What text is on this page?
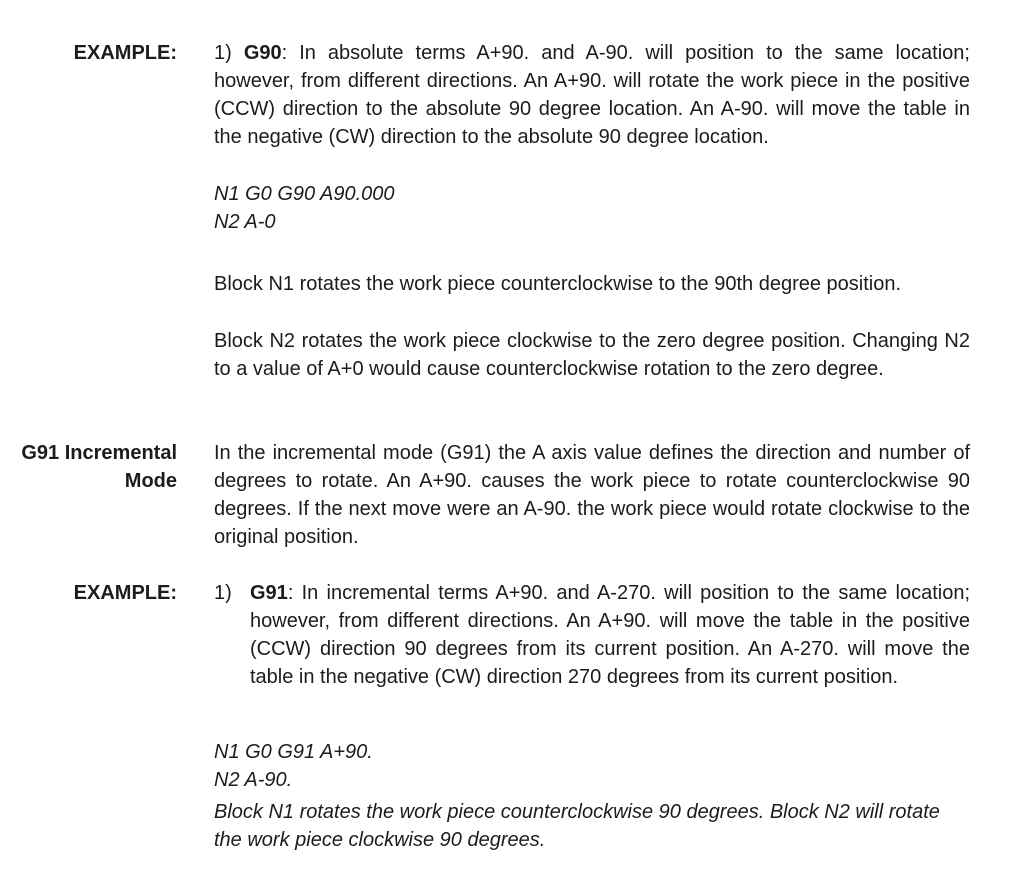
EXAMPLE: 1) G90: In absolute terms A+90. and A-90. will position to the same location; however, from different directions. An A+90. will rotate the work piece in the positive (CCW) direction to the absolute 90 degree location. An A-90. will move the table in the negative (CW) direction to the absolute 90 degree location.
N1 G0 G90 A90.000
N2 A-0
Block N1 rotates the work piece counterclockwise to the 90th degree position.
Block N2 rotates the work piece clockwise to the zero degree position. Changing N2 to a value of A+0 would cause counterclockwise rotation to the zero degree.
G91 Incremental
Mode
In the incremental mode (G91) the A axis value defines the direction and number of degrees to rotate. An A+90. causes the work piece to rotate counterclockwise 90 degrees. If the next move were an A-90. the work piece would rotate clockwise to the original position.
EXAMPLE: 1) G91: In incremental terms A+90. and A-270. will position to the same location; however, from different directions. An A+90. will move the table in the positive (CCW) direction 90 degrees from its current position. An A-270. will move the table in the negative (CW) direction 270 degrees from its current position.
N1 G0 G91 A+90.
N2 A-90.
Block N1 rotates the work piece counterclockwise 90 degrees. Block N2 will rotate the work piece clockwise 90 degrees.
